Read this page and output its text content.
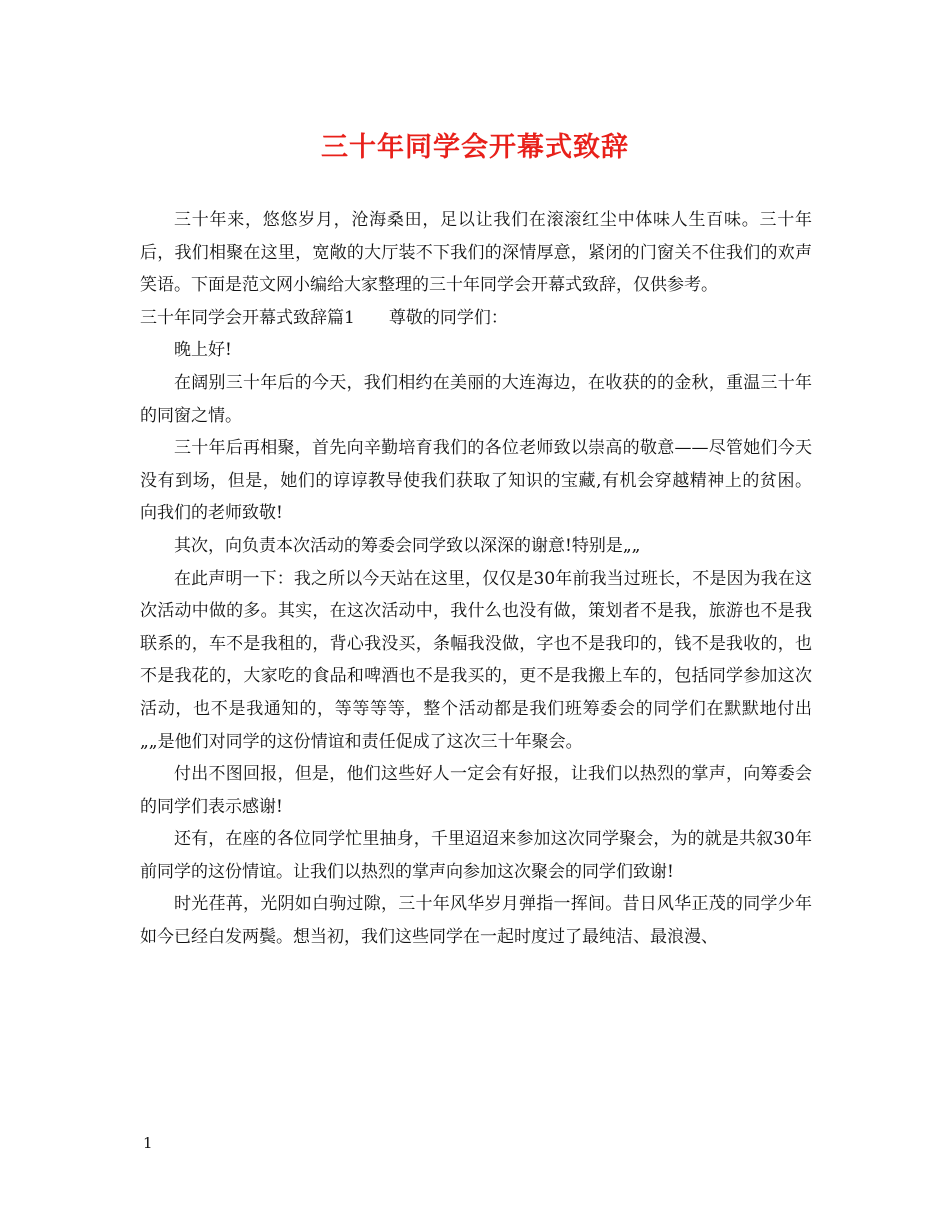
三十年同学会开幕式致辞

三十年来，悠悠岁月，沧海桑田，足以让我们在滚滚红尘中体味人生百味。三十年后，我们相聚在这里，宽敞的大厅装不下我们的深情厚意，紧闭的门窗关不住我们的欢声笑语。下面是范文网小编给大家整理的三十年同学会开幕式致辞，仅供参考。

三十年同学会开幕式致辞篇1　　尊敬的同学们：

晚上好!

在阔别三十年后的今天，我们相约在美丽的大连海边，在收获的的金秋，重温三十年的同窗之情。

三十年后再相聚，首先向辛勤培育我们的各位老师致以崇高的敬意——尽管她们今天没有到场，但是，她们的谆谆教导使我们获取了知识的宝藏,有机会穿越精神上的贫困。 向我们的老师致敬!

其次，向负责本次活动的筹委会同学致以深深的谢意!特别是„„

在此声明一下：我之所以今天站在这里，仅仅是30年前我当过班长，不是因为我在这次活动中做的多。其实，在这次活动中，我什么也没有做，策划者不是我，旅游也不是我联系的，车不是我租的，背心我没买，条幅我没做，字也不是我印的，钱不是我收的，也不是我花的，大家吃的食品和啤酒也不是我买的，更不是我搬上车的，包括同学参加这次活动，也不是我通知的，等等等等，整个活动都是我们班筹委会的同学们在默默地付出„„是他们对同学的这份情谊和责任促成了这次三十年聚会。

付出不图回报，但是，他们这些好人一定会有好报，让我们以热烈的掌声，向筹委会的同学们表示感谢!

还有，在座的各位同学忙里抽身，千里迢迢来参加这次同学聚会，为的就是共叙30年前同学的这份情谊。让我们以热烈的掌声向参加这次聚会的同学们致谢!

时光荏苒，光阴如白驹过隙，三十年风华岁月弹指一挥间。昔日风华正茂的同学少年如今已经白发两鬓。想当初，我们这些同学在一起时度过了最纯洁、最浪漫、

1
